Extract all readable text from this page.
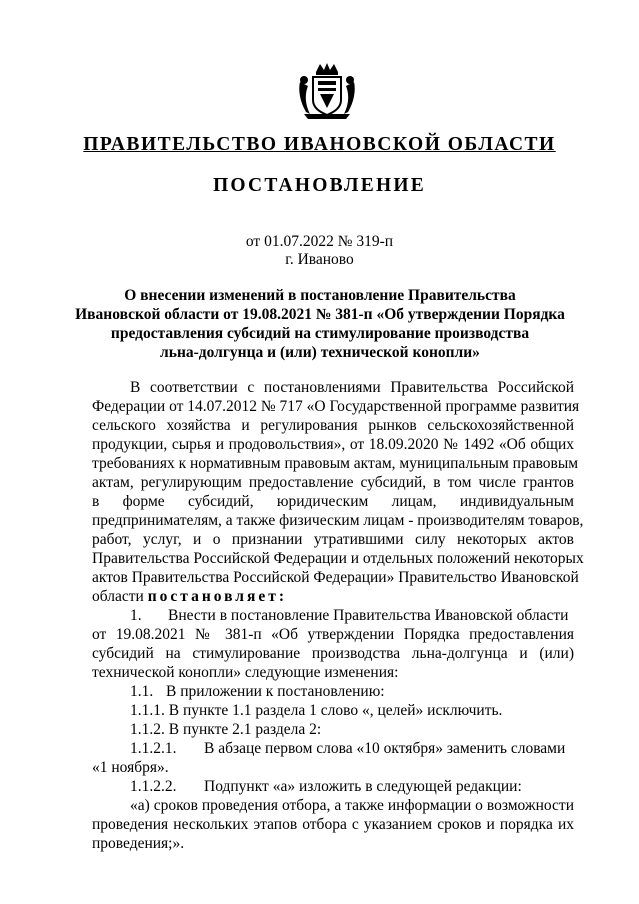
ПРАВИТЕЛЬСТВО ИВАНОВСКОЙ ОБЛАСТИ
ПОСТАНОВЛЕНИЕ
от 01.07.2022 № 319-п
г. Иваново
О внесении изменений в постановление Правительства
Ивановской области от 19.08.2021 № 381-п «Об утверждении Порядка
предоставления субсидий на стимулирование производства
льна-долгунца и (или) технической конопли»
В соответствии с постановлениями Правительства Российской
Федерации от 14.07.2012 № 717 «О Государственной программе развития
сельского хозяйства и регулирования рынков сельскохозяйственной
продукции, сырья и продовольствия», от 18.09.2020 № 1492 «Об общих
требованиях к нормативным правовым актам, муниципальным правовым
актам, регулирующим предоставление субсидий, в том числе грантов
в форме субсидий, юридическим лицам, индивидуальным
предпринимателям, а также физическим лицам - производителям товаров,
работ, услуг, и о признании утратившими силу некоторых актов
Правительства Российской Федерации и отдельных положений некоторых
актов Правительства Российской Федерации» Правительство Ивановской
области постановляет:
1. Внести в постановление Правительства Ивановской области
от 19.08.2021 № 381-п «Об утверждении Порядка предоставления
субсидий на стимулирование производства льна-долгунца и (или)
технической конопли» следующие изменения:
1.1. В приложении к постановлению:
1.1.1. В пункте 1.1 раздела 1 слово «, целей» исключить.
1.1.2. В пункте 2.1 раздела 2:
1.1.2.1. В абзаце первом слова «10 октября» заменить словами
«1 ноября».
1.1.2.2. Подпункт «а» изложить в следующей редакции:
«а) сроков проведения отбора, а также информации о возможности
проведения нескольких этапов отбора с указанием сроков и порядка их
проведения;».
